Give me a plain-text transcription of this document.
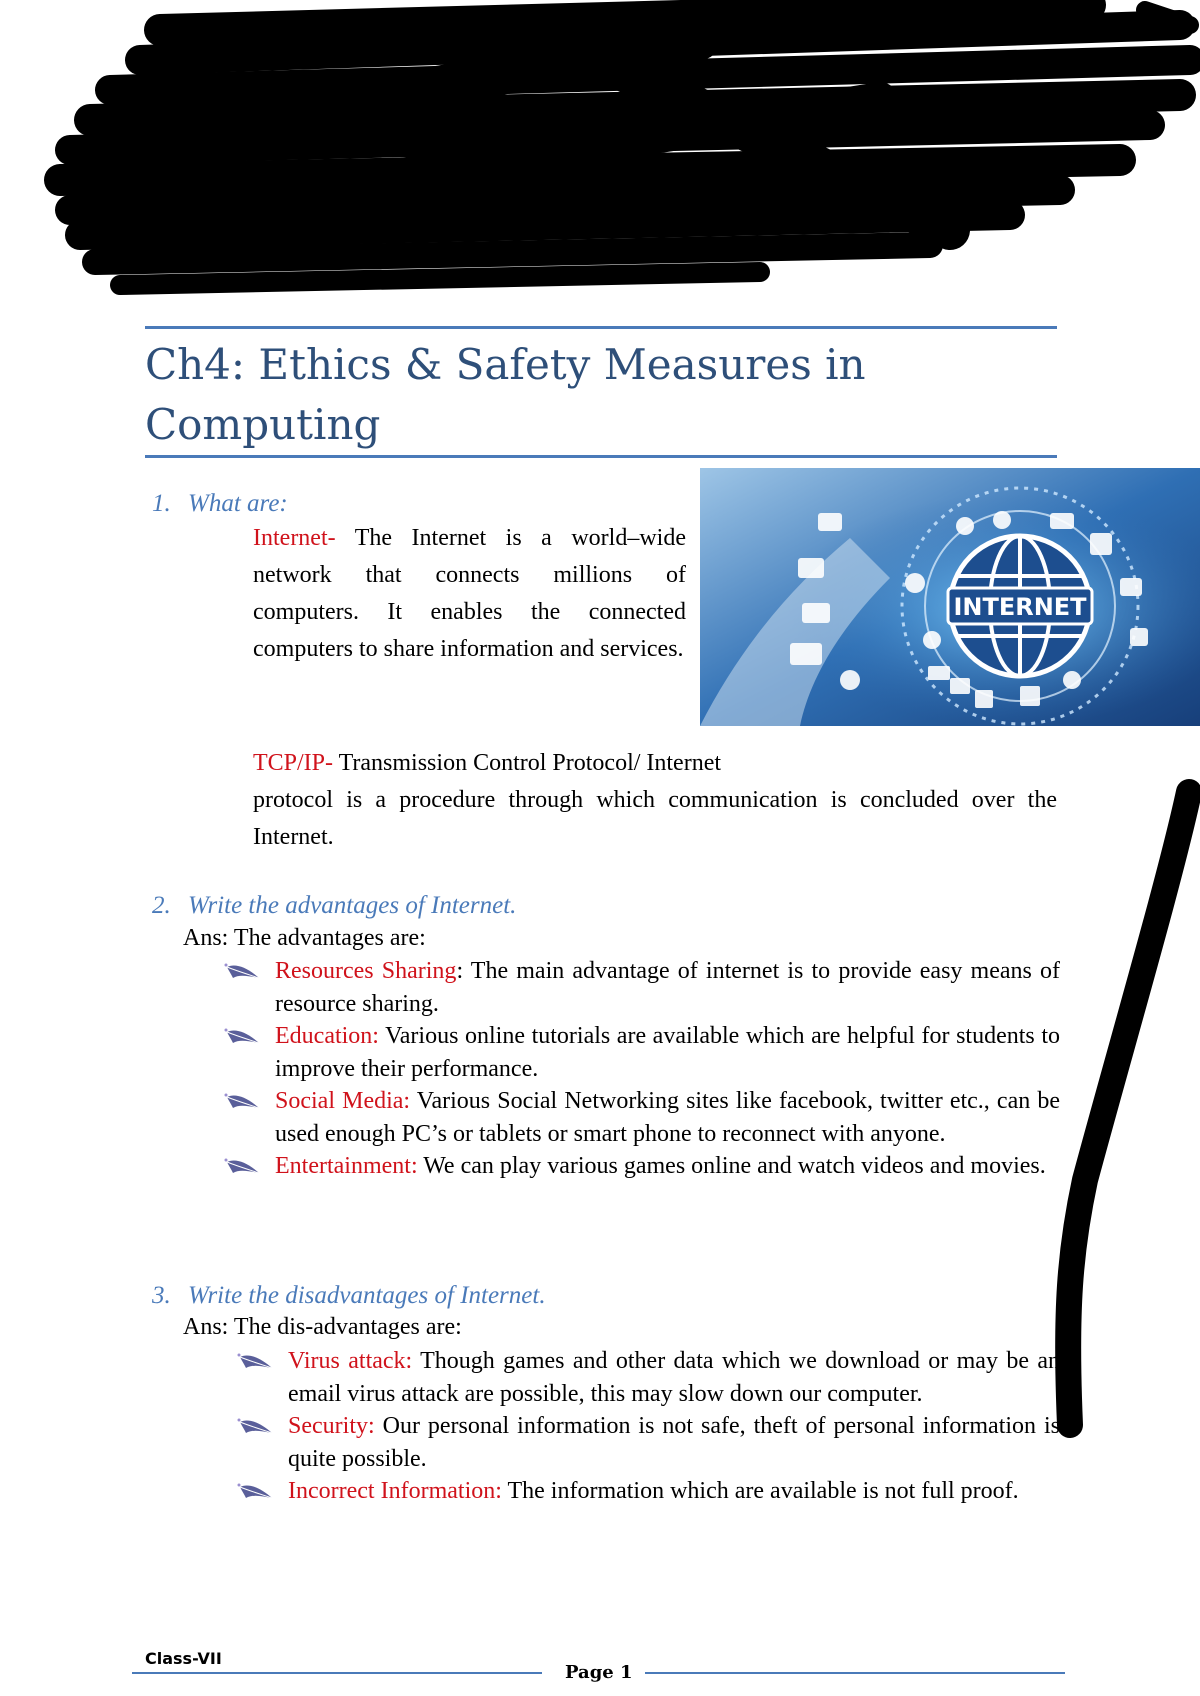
Ch4: Ethics & Safety Measures in Computing
1. What are:
Internet- The Internet is a world–wide network that connects millions of computers. It enables the connected computers to share information and services.
INTERNET
TCP/IP- Transmission Control Protocol/ Internet
protocol is a procedure through which communication is concluded over the Internet.
2. Write the advantages of Internet.
Ans: The advantages are:
Resources Sharing: The main advantage of internet is to provide easy means of resource sharing.
Education: Various online tutorials are available which are helpful for students to improve their performance.
Social Media: Various Social Networking sites like facebook, twitter etc., can be used enough PC’s or tablets or smart phone to reconnect with anyone.
Entertainment: We can play various games online and watch videos and movies.
3. Write the disadvantages of Internet.
Ans: The dis-advantages are:
Virus attack: Though games and other data which we download or may be an email virus attack are possible, this may slow down our computer.
Security: Our personal information is not safe, theft of personal information is quite possible.
Incorrect Information: The information which are available is not full proof.
Class-VII
Page 1
